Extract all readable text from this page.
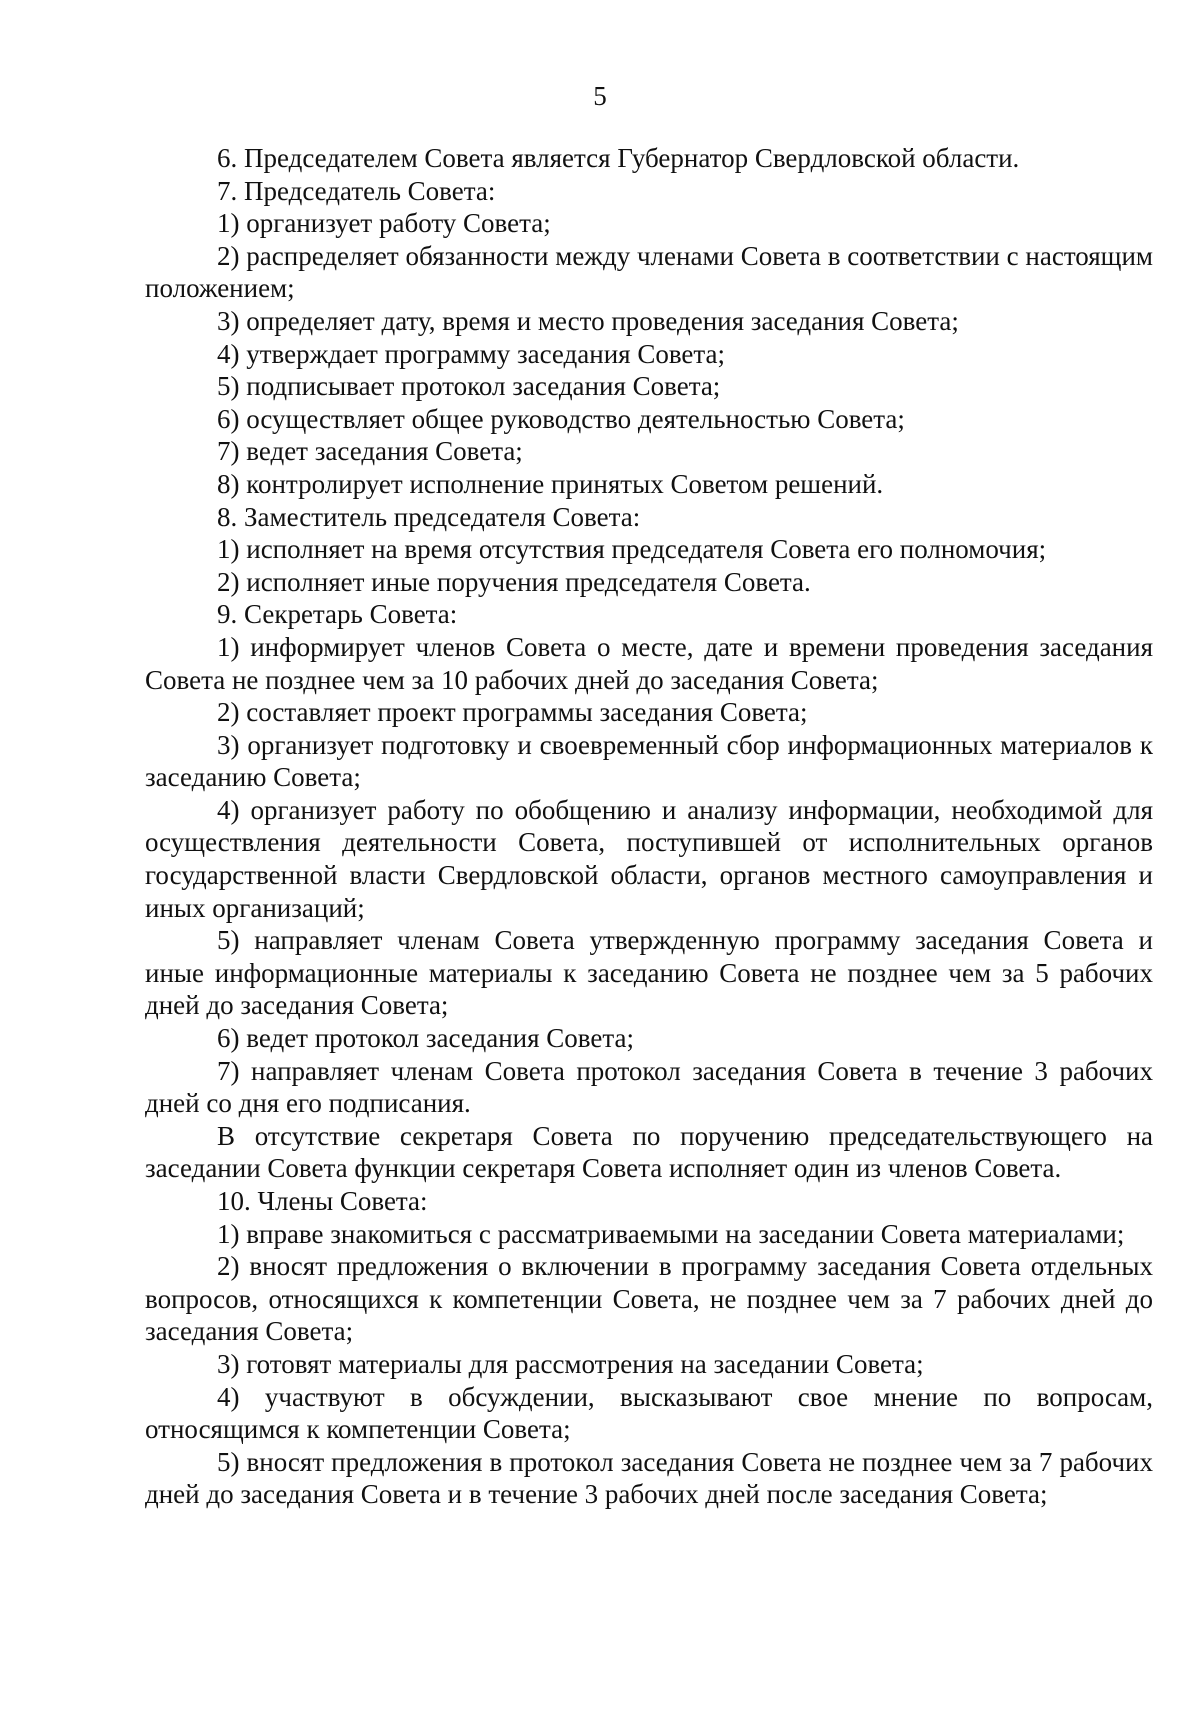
5

6. Председателем Совета является Губернатор Свердловской области.

7. Председатель Совета:

1) организует работу Совета;

2) распределяет обязанности между членами Совета в соответствии с настоящим положением;

3) определяет дату, время и место проведения заседания Совета;

4) утверждает программу заседания Совета;

5) подписывает протокол заседания Совета;

6) осуществляет общее руководство деятельностью Совета;

7) ведет заседания Совета;

8) контролирует исполнение принятых Советом решений.

8. Заместитель председателя Совета:

1) исполняет на время отсутствия председателя Совета его полномочия;

2) исполняет иные поручения председателя Совета.

9. Секретарь Совета:

1) информирует членов Совета о месте, дате и времени проведения заседания Совета не позднее чем за 10 рабочих дней до заседания Совета;

2) составляет проект программы заседания Совета;

3) организует подготовку и своевременный сбор информационных материалов к заседанию Совета;

4) организует работу по обобщению и анализу информации, необходимой для осуществления деятельности Совета, поступившей от исполнительных органов государственной власти Свердловской области, органов местного самоуправления и иных организаций;

5) направляет членам Совета утвержденную программу заседания Совета и иные информационные материалы к заседанию Совета не позднее чем за 5 рабочих дней до заседания Совета;

6) ведет протокол заседания Совета;

7) направляет членам Совета протокол заседания Совета в течение 3 рабочих дней со дня его подписания.

В отсутствие секретаря Совета по поручению председательствующего на заседании Совета функции секретаря Совета исполняет один из членов Совета.

10. Члены Совета:

1) вправе знакомиться с рассматриваемыми на заседании Совета материалами;

2) вносят предложения о включении в программу заседания Совета отдельных вопросов, относящихся к компетенции Совета, не позднее чем за 7 рабочих дней до заседания Совета;

3) готовят материалы для рассмотрения на заседании Совета;

4) участвуют в обсуждении, высказывают свое мнение по вопросам, относящимся к компетенции Совета;

5) вносят предложения в протокол заседания Совета не позднее чем за 7 рабочих дней до заседания Совета и в течение 3 рабочих дней после заседания Совета;
